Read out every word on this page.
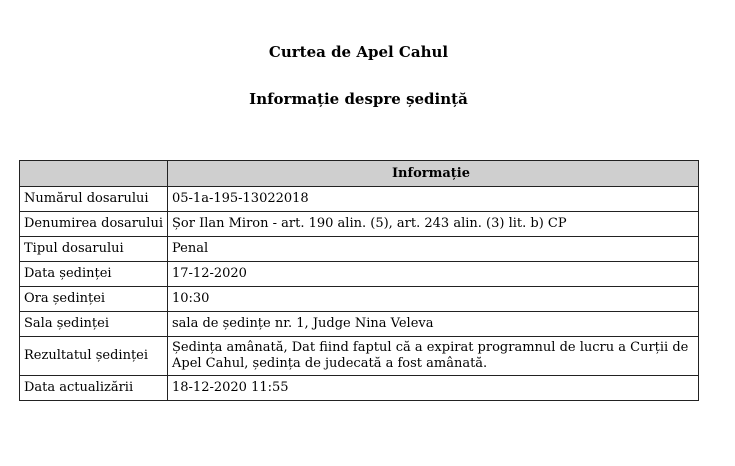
Curtea de Apel Cahul
Informație despre ședință
	Informație
Numărul dosarului	05-1a-195-13022018
Denumirea dosarului	Șor Ilan Miron - art. 190 alin. (5), art. 243 alin. (3) lit. b) CP
Tipul dosarului	Penal
Data ședinței	17-12-2020
Ora ședinței	10:30
Sala ședinței	sala de ședințe nr. 1, Judge Nina Veleva
Rezultatul ședinței	Ședința amânată, Dat fiind faptul că a expirat programnul de lucru a Curții de Apel Cahul, ședința de judecată a fost amânată.
Data actualizării	18-12-2020 11:55
